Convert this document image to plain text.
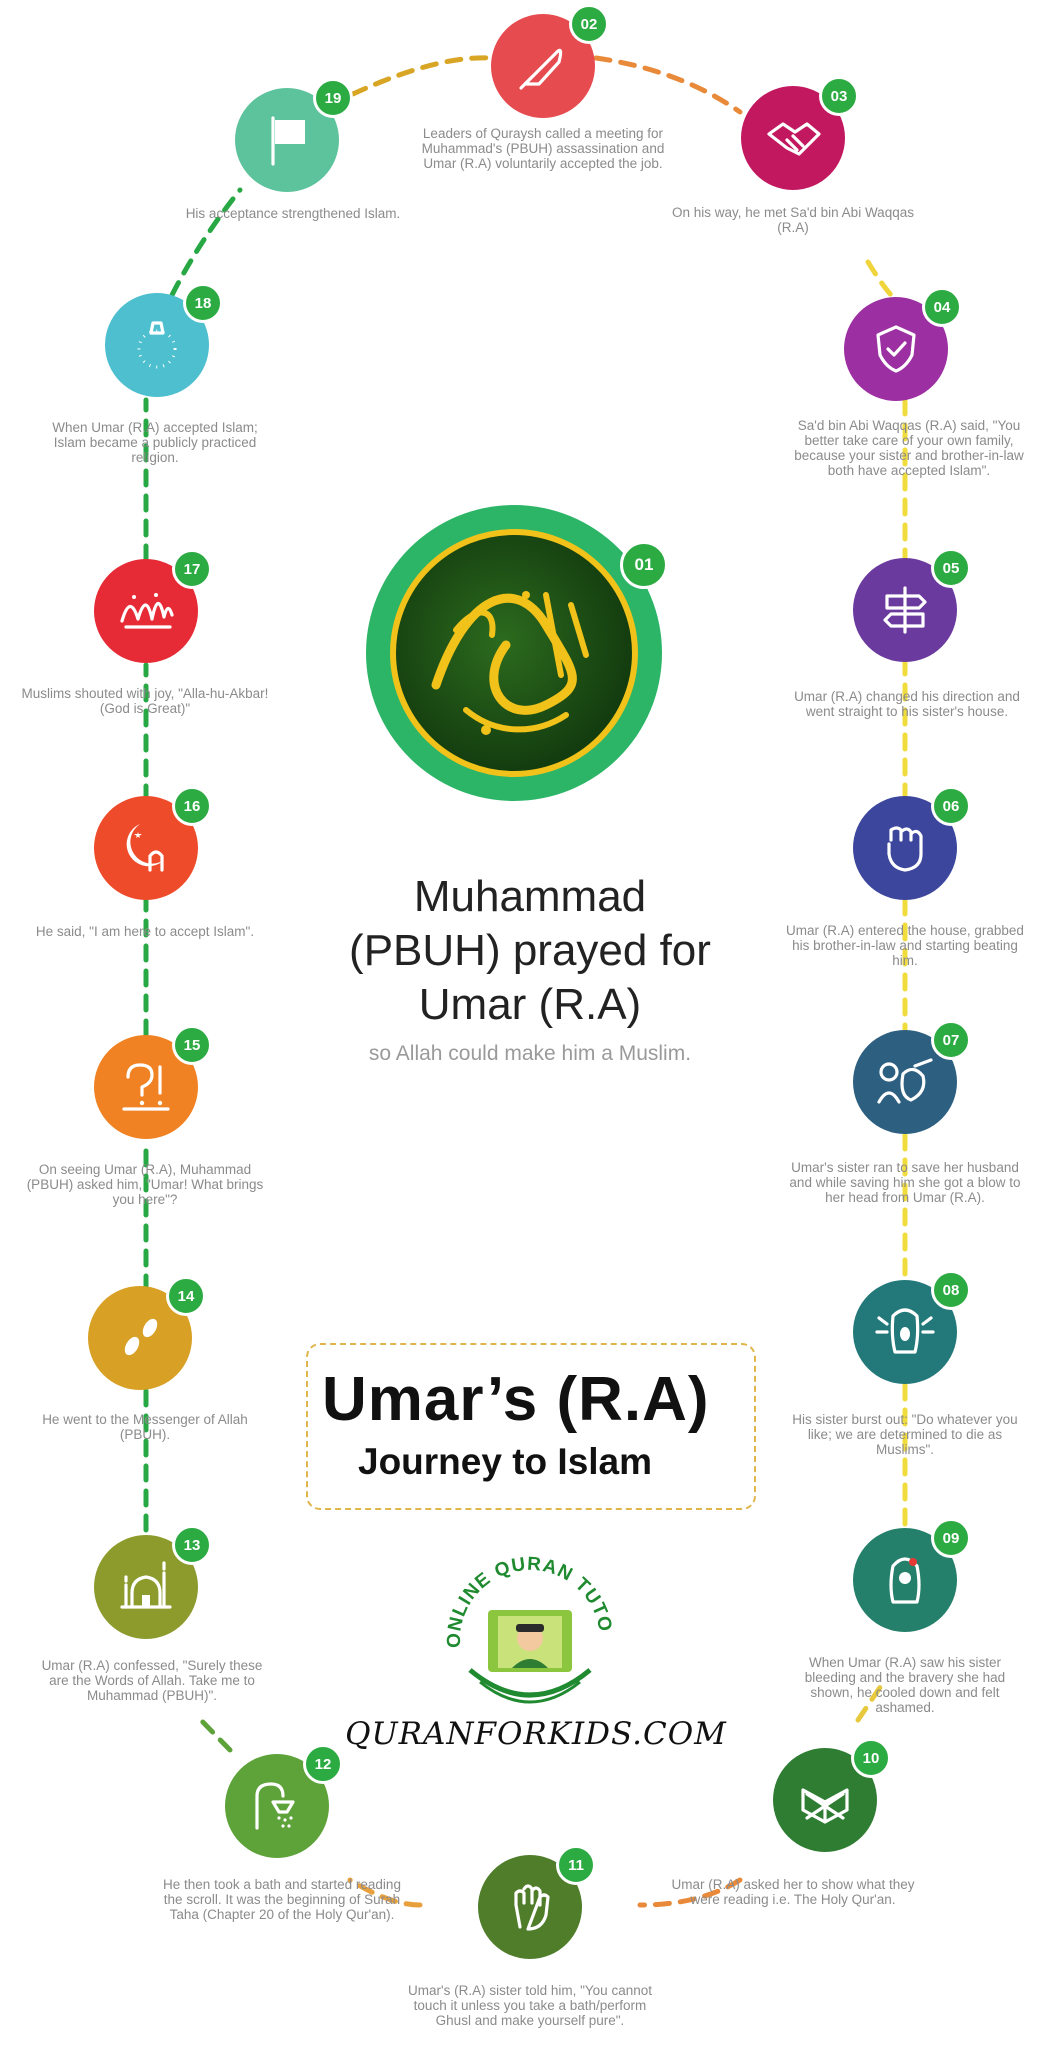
01
Muhammad
(PBUH) prayed for
Umar (R.A)
so Allah could make him a Muslim.
Umar’s (R.A)
Journey to Islam
ONLINE QURAN TUTO
QURANFORKIDS.COM
02
Leaders of Quraysh called a meeting for
Muhammad's (PBUH) assassination and
Umar (R.A) voluntarily accepted the job.
03
On his way, he met Sa'd bin Abi Waqqas
(R.A)
04
Sa'd bin Abi Waqqas (R.A) said, "You
better take care of your own family,
because your sister and brother-in-law
both have accepted Islam".
05
Umar (R.A) changed his direction and
went straight to his sister's house.
06
Umar (R.A) entered the house, grabbed
his brother-in-law and starting beating
him.
07
Umar's sister ran to save her husband
and while saving him she got a blow to
her head from Umar (R.A).
08
His sister burst out: "Do whatever you
like; we are determined to die as
Muslims".
09
When Umar (R.A) saw his sister
bleeding and the bravery she had
shown, he cooled down and felt
ashamed.
10
Umar (R.A) asked her to show what they
were reading i.e. The Holy Qur'an.
11
Umar's (R.A) sister told him, "You cannot
touch it unless you take a bath/perform
Ghusl and make yourself pure".
12
He then took a bath and started reading
the scroll. It was the beginning of Surah
Taha (Chapter 20 of the Holy Qur'an).
13
Umar (R.A) confessed, "Surely these
are the Words of Allah. Take me to
Muhammad (PBUH)".
14
He went to the Messenger of Allah
(PBUH).
15
On seeing Umar (R.A), Muhammad
(PBUH) asked him, "Umar! What brings
you here"?
16
He said, "I am here to accept Islam".
17
Muslims shouted with joy, "Alla-hu-Akbar!
(God is Great)"
18
When Umar (R.A) accepted Islam;
Islam became a publicly practiced
religion.
19
His acceptance strengthened Islam.
